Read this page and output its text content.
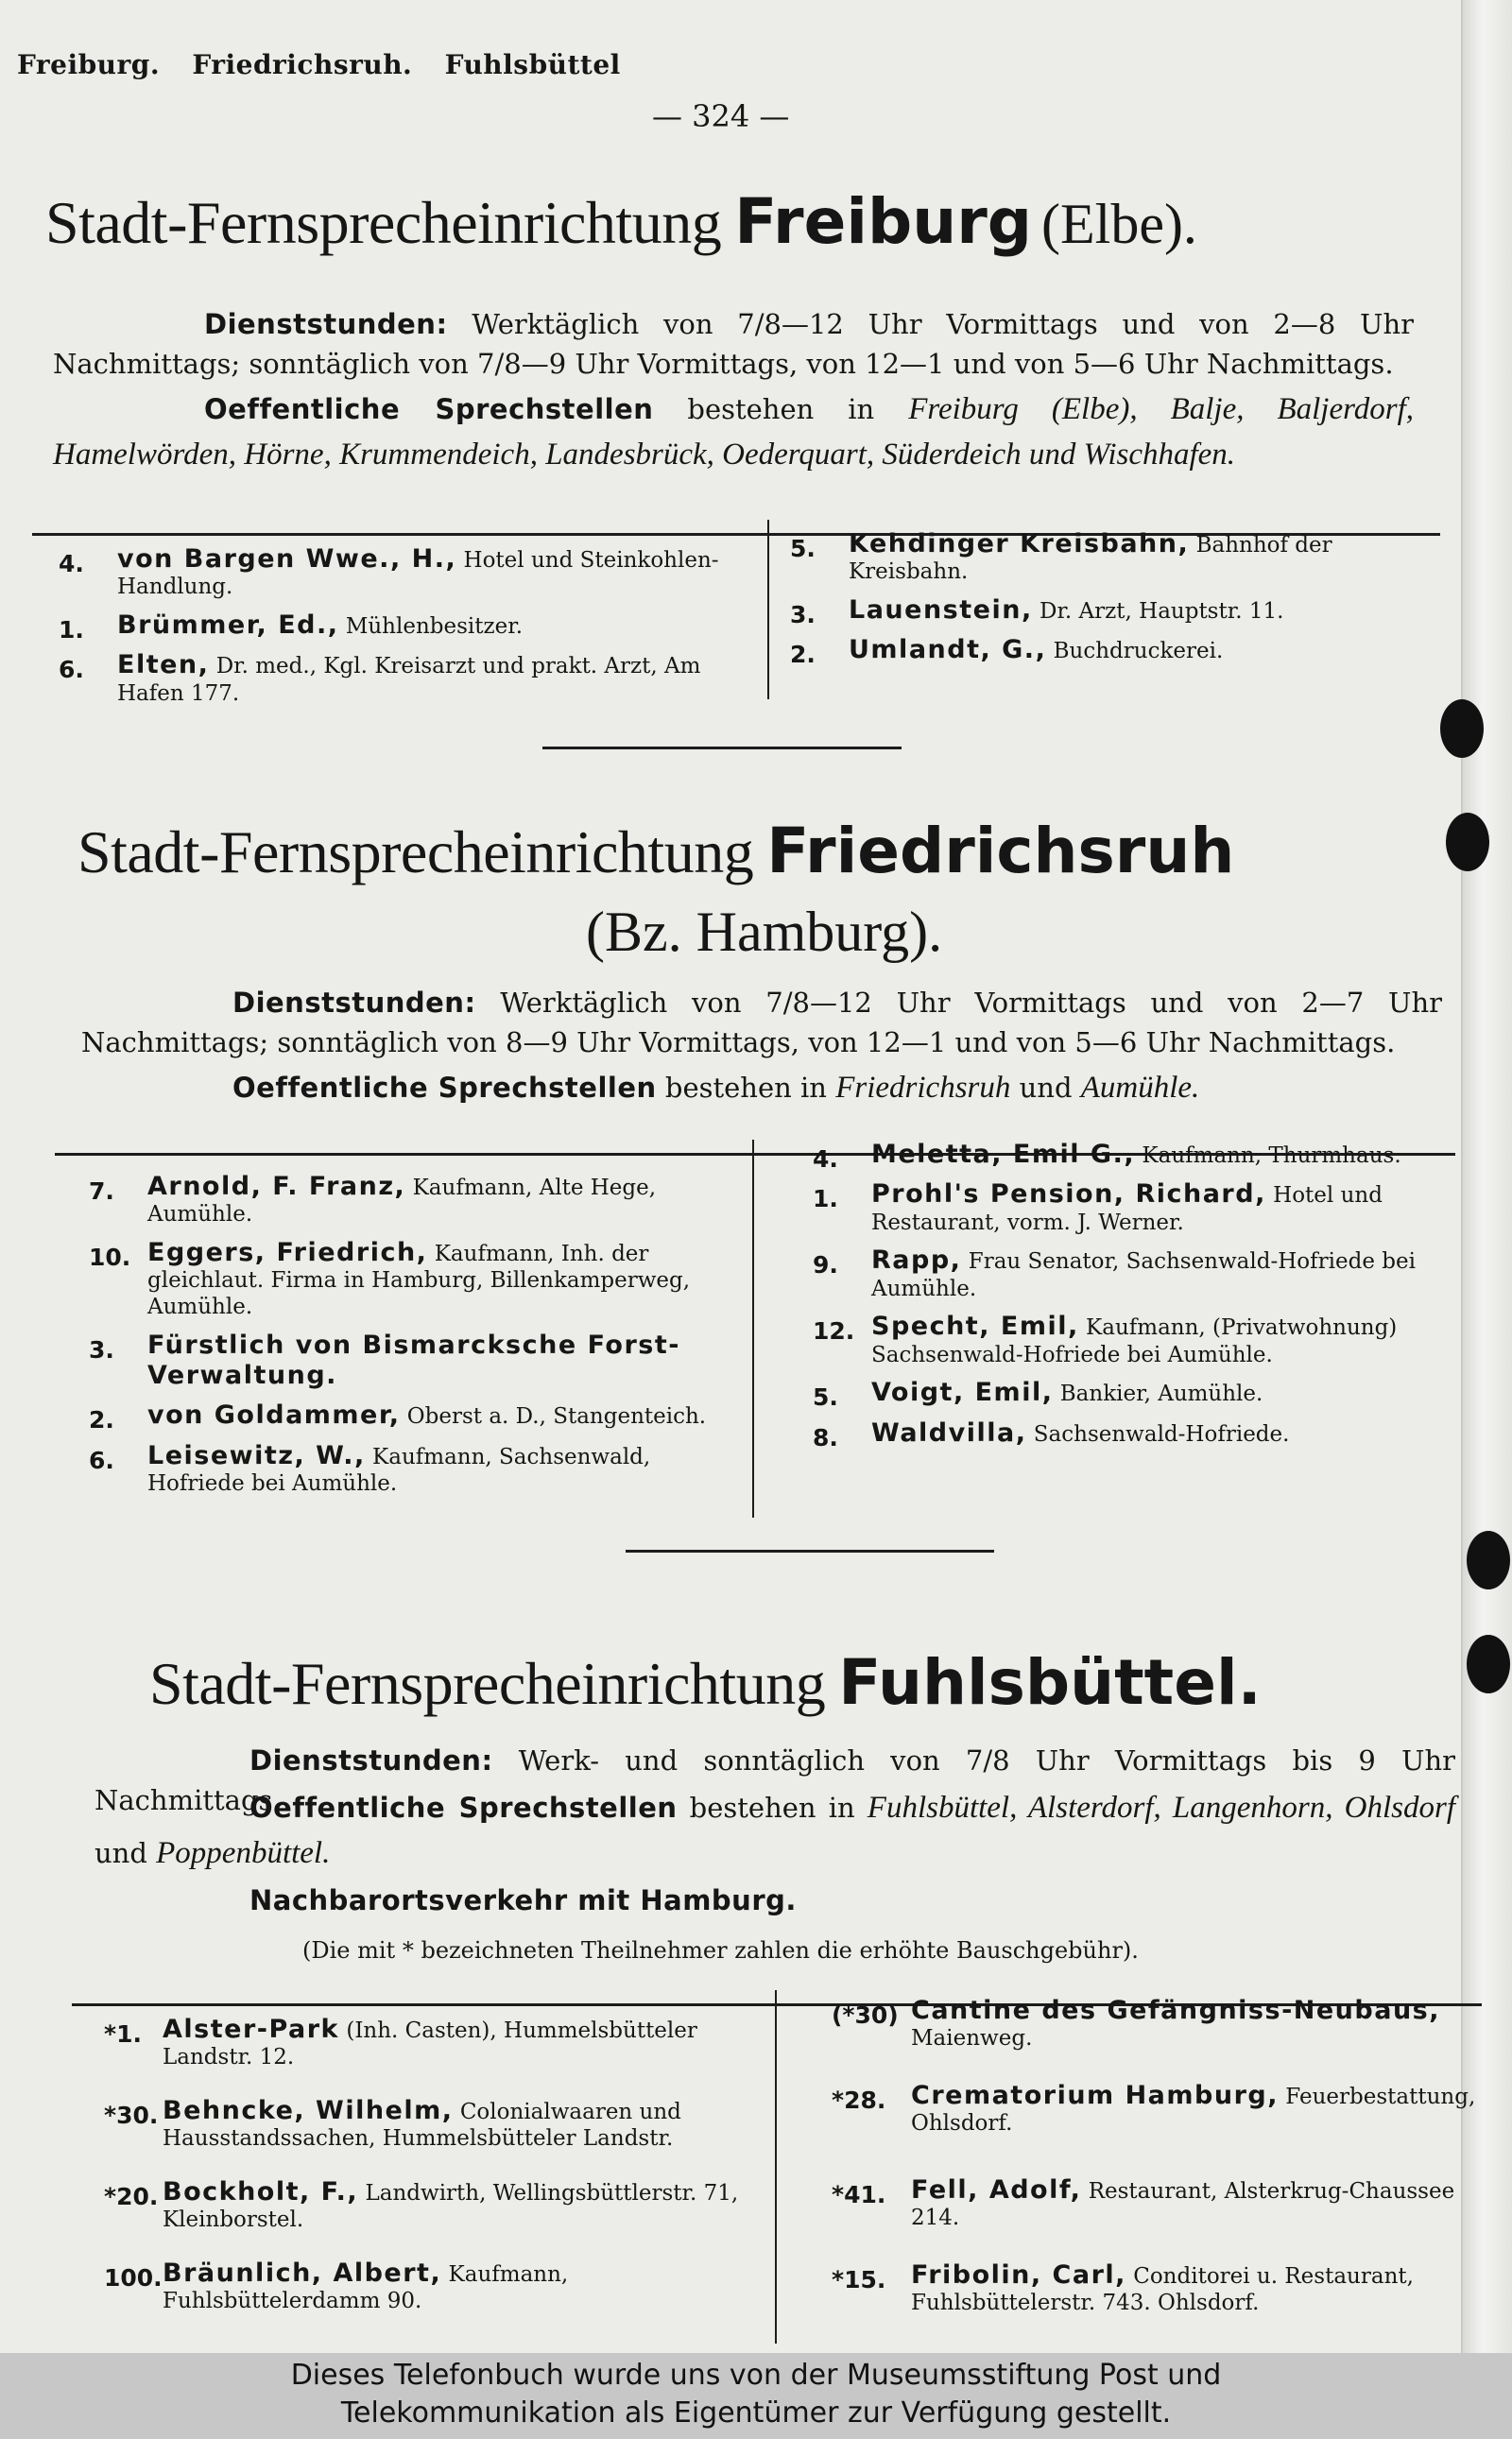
Freiburg. Friedrichsruh. Fuhlsbüttel
— 324 —
Stadt-Fernsprecheinrichtung Freiburg (Elbe).
Dienststunden: Werktäglich von 7/8—12 Uhr Vormittags und von 2—8 Uhr Nachmittags; sonntäglich von 7/8—9 Uhr Vormittags, von 12—1 und von 5—6 Uhr Nachmittags.
Oeffentliche Sprechstellen bestehen in Freiburg (Elbe), Balje, Baljerdorf, Hamelwörden, Hörne, Krummendeich, Landesbrück, Oederquart, Süderdeich und Wischhafen.
4. von Bargen Wwe., H., Hotel und Steinkohlen-Handlung.
1. Brümmer, Ed., Mühlenbesitzer.
6. Elten, Dr. med., Kgl. Kreisarzt und prakt. Arzt, Am Hafen 177.
5. Kehdinger Kreisbahn, Bahnhof der Kreisbahn.
3. Lauenstein, Dr. Arzt, Hauptstr. 11.
2. Umlandt, G., Buchdruckerei.
Stadt-Fernsprecheinrichtung Friedrichsruh
(Bz. Hamburg).
Dienststunden: Werktäglich von 7/8—12 Uhr Vormittags und von 2—7 Uhr Nachmittags; sonntäglich von 8—9 Uhr Vormittags, von 12—1 und von 5—6 Uhr Nachmittags.
Oeffentliche Sprechstellen bestehen in Friedrichsruh und Aumühle.
7. Arnold, F. Franz, Kaufmann, Alte Hege, Aumühle.
10. Eggers, Friedrich, Kaufmann, Inh. der gleichlaut. Firma in Hamburg, Billenkamperweg, Aumühle.
3. Fürstlich von Bismarcksche Forst-Verwaltung.
2. von Goldammer, Oberst a. D., Stangenteich.
6. Leisewitz, W., Kaufmann, Sachsenwald, Hofriede bei Aumühle.
4. Meletta, Emil G., Kaufmann, Thurmhaus.
1. Prohl's Pension, Richard, Hotel und Restaurant, vorm. J. Werner.
9. Rapp, Frau Senator, Sachsenwald-Hofriede bei Aumühle.
12. Specht, Emil, Kaufmann, (Privatwohnung) Sachsenwald-Hofriede bei Aumühle.
5. Voigt, Emil, Bankier, Aumühle.
8. Waldvilla, Sachsenwald-Hofriede.
Stadt-Fernsprecheinrichtung Fuhlsbüttel.
Dienststunden: Werk- und sonntäglich von 7/8 Uhr Vormittags bis 9 Uhr Nachmittags.
Oeffentliche Sprechstellen bestehen in Fuhlsbüttel, Alsterdorf, Langenhorn, Ohlsdorf und Poppenbüttel.
Nachbarortsverkehr mit Hamburg.
(Die mit * bezeichneten Theilnehmer zahlen die erhöhte Bauschgebühr).
*1. Alster-Park (Inh. Casten), Hummelsbütteler Landstr. 12.
*30. Behncke, Wilhelm, Colonialwaaren und Hausstandssachen, Hummelsbütteler Landstr.
*20. Bockholt, F., Landwirth, Wellingsbüttlerstr. 71, Kleinborstel.
100. Bräunlich, Albert, Kaufmann, Fuhlsbüttelerdamm 90.
(*30) Cantine des Gefängniss-Neubaus, Maienweg.
*28. Crematorium Hamburg, Feuerbestattung, Ohlsdorf.
*41. Fell, Adolf, Restaurant, Alsterkrug-Chaussee 214.
*15. Fribolin, Carl, Conditorei u. Restaurant, Fuhlsbüttelerstr. 743. Ohlsdorf.
Dieses Telefonbuch wurde uns von der Museumsstiftung Post und
Telekommunikation als Eigentümer zur Verfügung gestellt.
